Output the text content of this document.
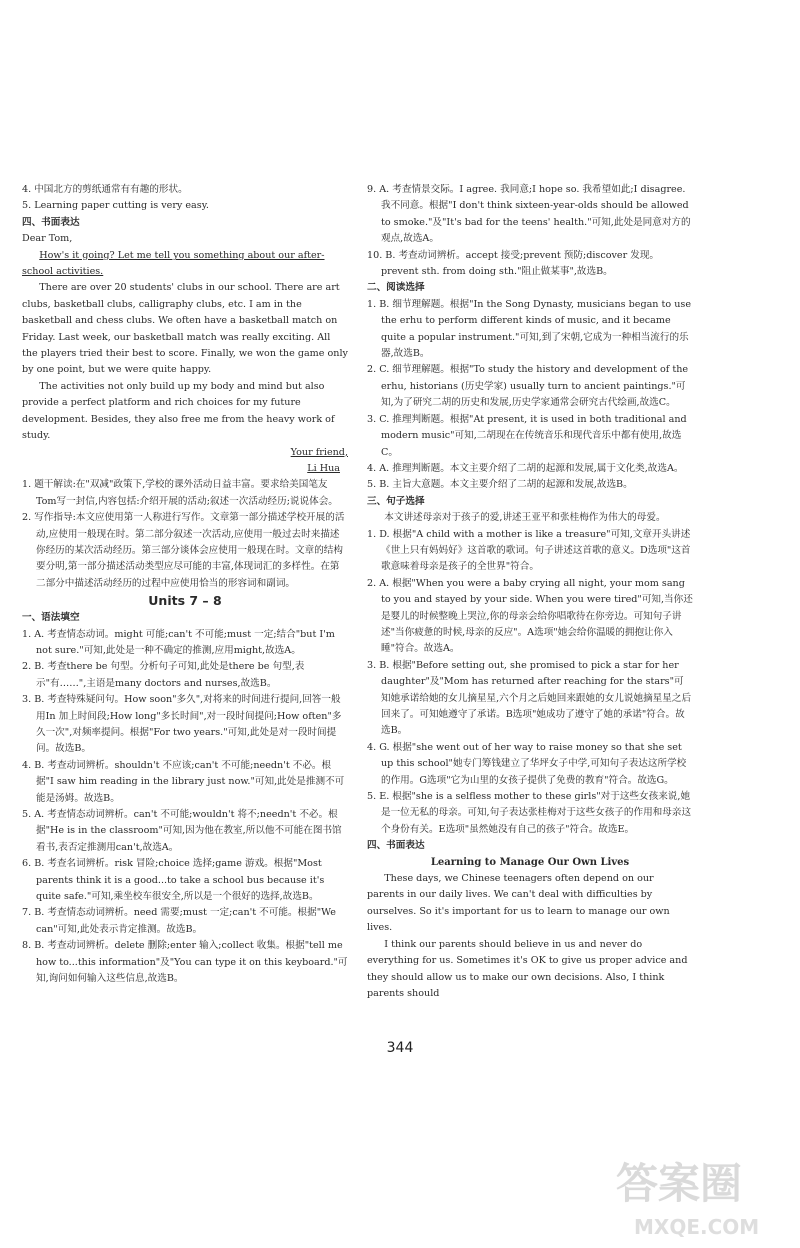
4. 中国北方的剪纸通常有有趣的形状。

5. Learning paper cutting is very easy.

四、书面表达

Dear Tom,

How's it going? Let me tell you something about our after-school activities.

There are over 20 students' clubs in our school. There are art clubs, basketball clubs, calligraphy clubs, etc. I am in the basketball and chess clubs. We often have a basketball match on Friday. Last week, our basketball match was really exciting. All the players tried their best to score. Finally, we won the game only by one point, but we were quite happy.

The activities not only build up my body and mind but also provide a perfect platform and rich choices for my future development. Besides, they also free me from the heavy work of study.

Your friend,

Li Hua

1. 题干解读:在"双减"政策下,学校的课外活动日益丰富。要求给美国笔友Tom写一封信,内容包括:介绍开展的活动;叙述一次活动经历;说说体会。

2. 写作指导:本文应使用第一人称进行写作。文章第一部分描述学校开展的活动,应使用一般现在时。第二部分叙述一次活动,应使用一般过去时来描述你经历的某次活动经历。第三部分谈体会应使用一般现在时。文章的结构要分明,第一部分描述活动类型应尽可能的丰富,体现词汇的多样性。在第二部分中描述活动经历的过程中应使用恰当的形容词和副词。

Units 7 – 8

一、语法填空

1. A. 考查情态动词。might 可能;can't 不可能;must 一定;结合"but I'm not sure."可知,此处是一种不确定的推测,应用might,故选A。

2. B. 考查there be 句型。分析句子可知,此处是there be 句型,表示"有……",主语是many doctors and nurses,故选B。

3. B. 考查特殊疑问句。How soon"多久",对将来的时间进行提问,回答一般用In 加上时间段;How long"多长时间",对一段时间提问;How often"多久一次",对频率提问。根据"For two years."可知,此处是对一段时间提问。故选B。

4. B. 考查动词辨析。shouldn't 不应该;can't 不可能;needn't 不必。根据"I saw him reading in the library just now."可知,此处是推测不可能是汤姆。故选B。

5. A. 考查情态动词辨析。can't 不可能;wouldn't 将不;needn't 不必。根据"He is in the classroom"可知,因为他在教室,所以他不可能在图书馆看书,表否定推测用can't,故选A。

6. B. 考查名词辨析。risk 冒险;choice 选择;game 游戏。根据"Most parents think it is a good...to take a school bus because it's quite safe."可知,乘坐校车很安全,所以是一个很好的选择,故选B。

7. B. 考查情态动词辨析。need 需要;must 一定;can't 不可能。根据"We can"可知,此处表示肯定推测。故选B。

8. B. 考查动词辨析。delete 删除;enter 输入;collect 收集。根据"tell me how to...this information"及"You can type it on this keyboard."可知,询问如何输入这些信息,故选B。

9. A. 考查情景交际。I agree. 我同意;I hope so. 我希望如此;I disagree. 我不同意。根据"I don't think sixteen-year-olds should be allowed to smoke."及"It's bad for the teens' health."可知,此处是同意对方的观点,故选A。

10. B. 考查动词辨析。accept 接受;prevent 预防;discover 发现。prevent sth. from doing sth."阻止做某事",故选B。

二、阅读选择

1. B. 细节理解题。根据"In the Song Dynasty, musicians began to use the erhu to perform different kinds of music, and it became quite a popular instrument."可知,到了宋朝,它成为一种相当流行的乐器,故选B。

2. C. 细节理解题。根据"To study the history and development of the erhu, historians (历史学家) usually turn to ancient paintings."可知,为了研究二胡的历史和发展,历史学家通常会研究古代绘画,故选C。

3. C. 推理判断题。根据"At present, it is used in both traditional and modern music"可知,二胡现在在传统音乐和现代音乐中都有使用,故选C。

4. A. 推理判断题。本文主要介绍了二胡的起源和发展,属于文化类,故选A。

5. B. 主旨大意题。本文主要介绍了二胡的起源和发展,故选B。

三、句子选择

本文讲述母亲对于孩子的爱,讲述王亚平和张桂梅作为伟大的母爱。

1. D. 根据"A child with a mother is like a treasure"可知,文章开头讲述《世上只有妈妈好》这首歌的歌词。句子讲述这首歌的意义。D选项"这首歌意味着母亲是孩子的全世界"符合。

2. A. 根据"When you were a baby crying all night, your mom sang to you and stayed by your side. When you were tired"可知,当你还是婴儿的时候整晚上哭泣,你的母亲会给你唱歌待在你旁边。可知句子讲述"当你疲惫的时候,母亲的反应"。A选项"她会给你温暖的拥抱让你入睡"符合。故选A。

3. B. 根据"Before setting out, she promised to pick a star for her daughter"及"Mom has returned after reaching for the stars"可知她承诺给她的女儿摘星星,六个月之后她回来跟她的女儿说她摘星星之后回来了。可知她遵守了承诺。B选项"她成功了遵守了她的承诺"符合。故选B。

4. G. 根据"she went out of her way to raise money so that she set up this school"她专门筹钱建立了华坪女子中学,可知句子表达这所学校的作用。G选项"它为山里的女孩子提供了免费的教育"符合。故选G。

5. E. 根据"she is a selfless mother to these girls"对于这些女孩来说,她是一位无私的母亲。可知,句子表达张桂梅对于这些女孩子的作用和母亲这个身份有关。E选项"虽然她没有自己的孩子"符合。故选E。

四、书面表达

Learning to Manage Our Own Lives

These days, we Chinese teenagers often depend on our parents in our daily lives. We can't deal with difficulties by ourselves. So it's important for us to learn to manage our own lives.

I think our parents should believe in us and never do everything for us. Sometimes it's OK to give us proper advice and they should allow us to make our own decisions. Also, I think parents should

344
答案圈
MXQE.COM
